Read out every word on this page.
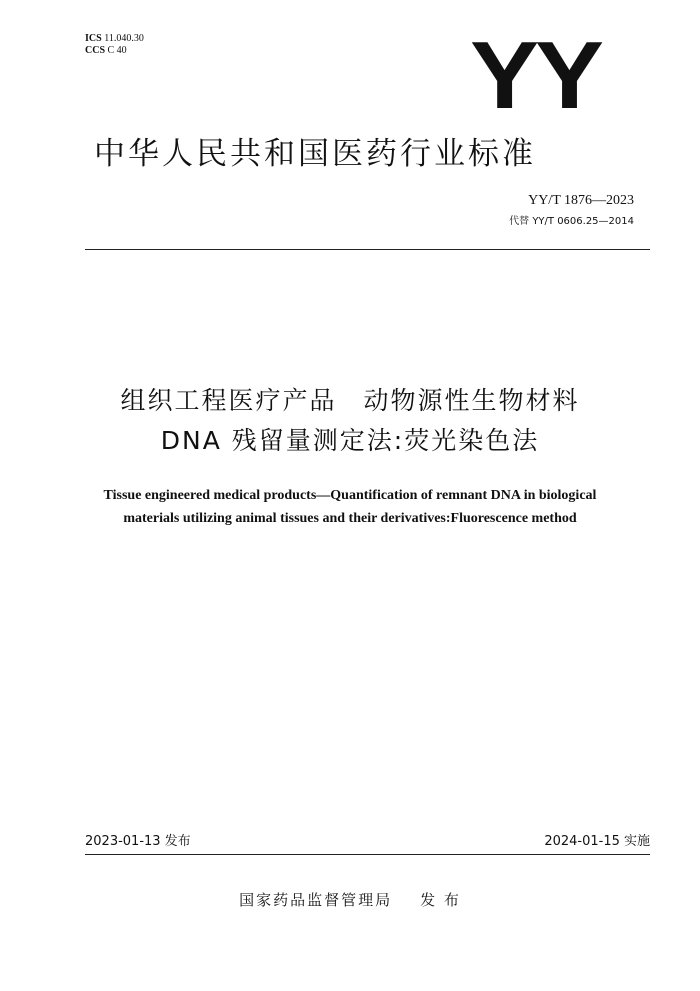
ICS 11.040.30
CCS C 40	YY
中华人民共和国医药行业标准
YY/T 1876—2023
代替 YY/T 0606.25—2014
组织工程医疗产品　动物源性生物材料
DNA 残留量测定法:荧光染色法
Tissue engineered medical products—Quantification of remnant DNA in biological
materials utilizing animal tissues and their derivatives:Fluorescence method
2023-01-13 发布	2024-01-15 实施
国家药品监督管理局 发 布
